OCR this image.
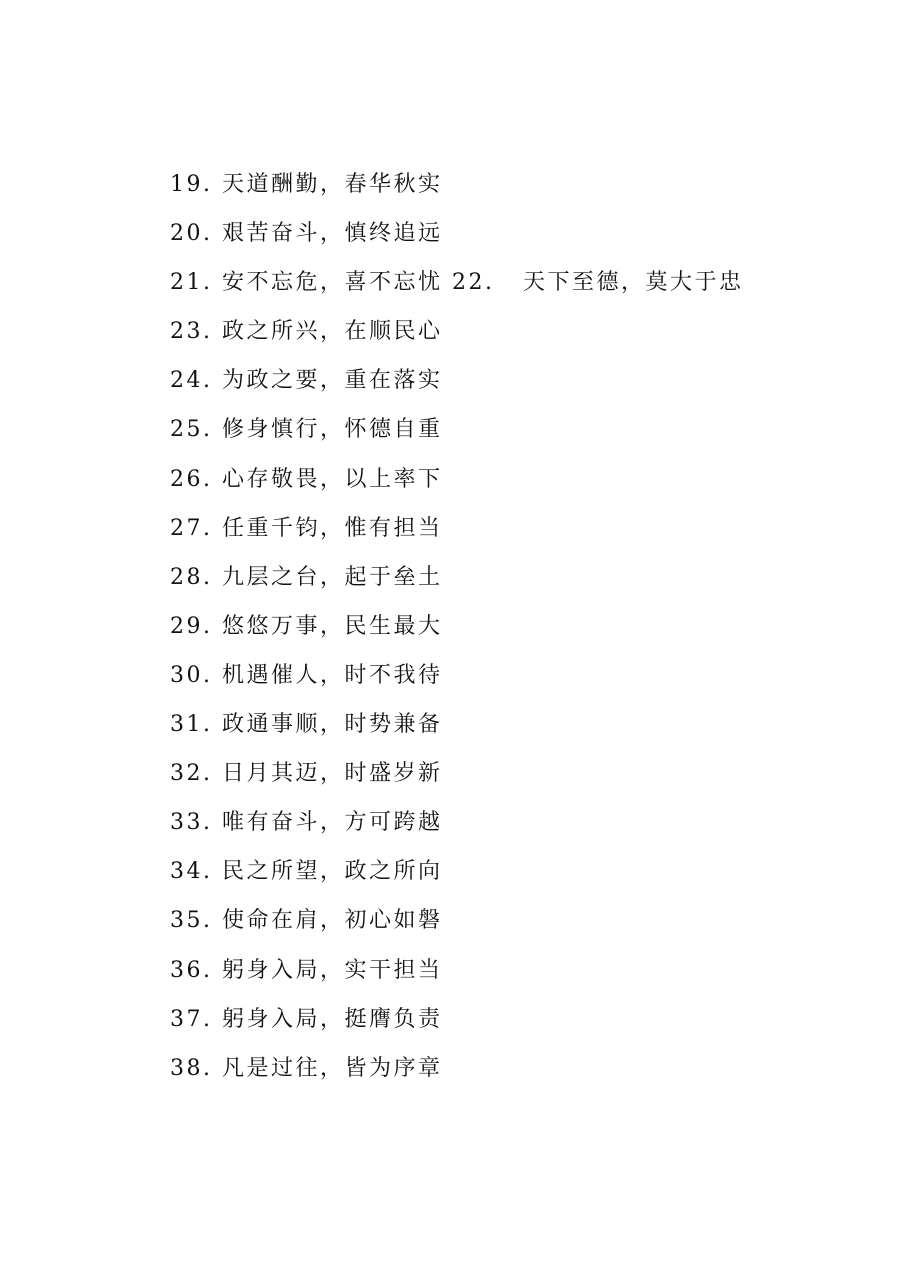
19. 天道酬勤，春华秋实
20. 艰苦奋斗，慎终追远
21. 安不忘危，喜不忘忧 22.   天下至德，莫大于忠
23. 政之所兴，在顺民心
24. 为政之要，重在落实
25. 修身慎行，怀德自重
26. 心存敬畏，以上率下
27. 任重千钧，惟有担当
28. 九层之台，起于垒土
29. 悠悠万事，民生最大
30. 机遇催人，时不我待
31. 政通事顺，时势兼备
32. 日月其迈，时盛岁新
33. 唯有奋斗，方可跨越
34. 民之所望，政之所向
35. 使命在肩，初心如磐
36. 躬身入局，实干担当
37. 躬身入局，挺膺负责
38. 凡是过往，皆为序章
